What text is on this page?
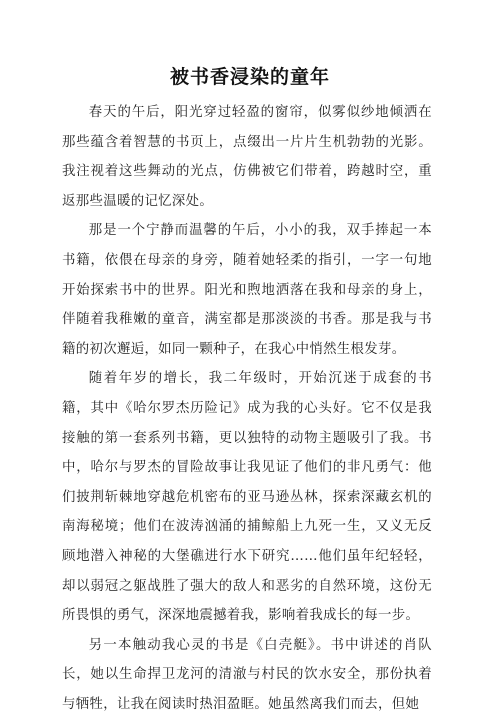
被书香浸染的童年

春天的午后，阳光穿过轻盈的窗帘，似雾似纱地倾洒在那些蕴含着智慧的书页上，点缀出一片片生机勃勃的光影。我注视着这些舞动的光点，仿佛被它们带着，跨越时空，重返那些温暖的记忆深处。

那是一个宁静而温馨的午后，小小的我，双手捧起一本书籍，依偎在母亲的身旁，随着她轻柔的指引，一字一句地开始探索书中的世界。阳光和煦地洒落在我和母亲的身上，伴随着我稚嫩的童音，满室都是那淡淡的书香。那是我与书籍的初次邂逅，如同一颗种子，在我心中悄然生根发芽。

随着年岁的增长，我二年级时，开始沉迷于成套的书籍，其中《哈尔罗杰历险记》成为我的心头好。它不仅是我接触的第一套系列书籍，更以独特的动物主题吸引了我。书中，哈尔与罗杰的冒险故事让我见证了他们的非凡勇气：他们披荆斩棘地穿越危机密布的亚马逊丛林，探索深藏玄机的南海秘境；他们在波涛汹涌的捕鲸船上九死一生，又义无反顾地潜入神秘的大堡礁进行水下研究……他们虽年纪轻轻，却以弱冠之躯战胜了强大的敌人和恶劣的自然环境，这份无所畏惧的勇气，深深地震撼着我，影响着我成长的每一步。

另一本触动我心灵的书是《白壳艇》。书中讲述的肖队长，她以生命捍卫龙河的清澈与村民的饮水安全，那份执着与牺牲，让我在阅读时热泪盈眶。她虽然离我们而去，但她
